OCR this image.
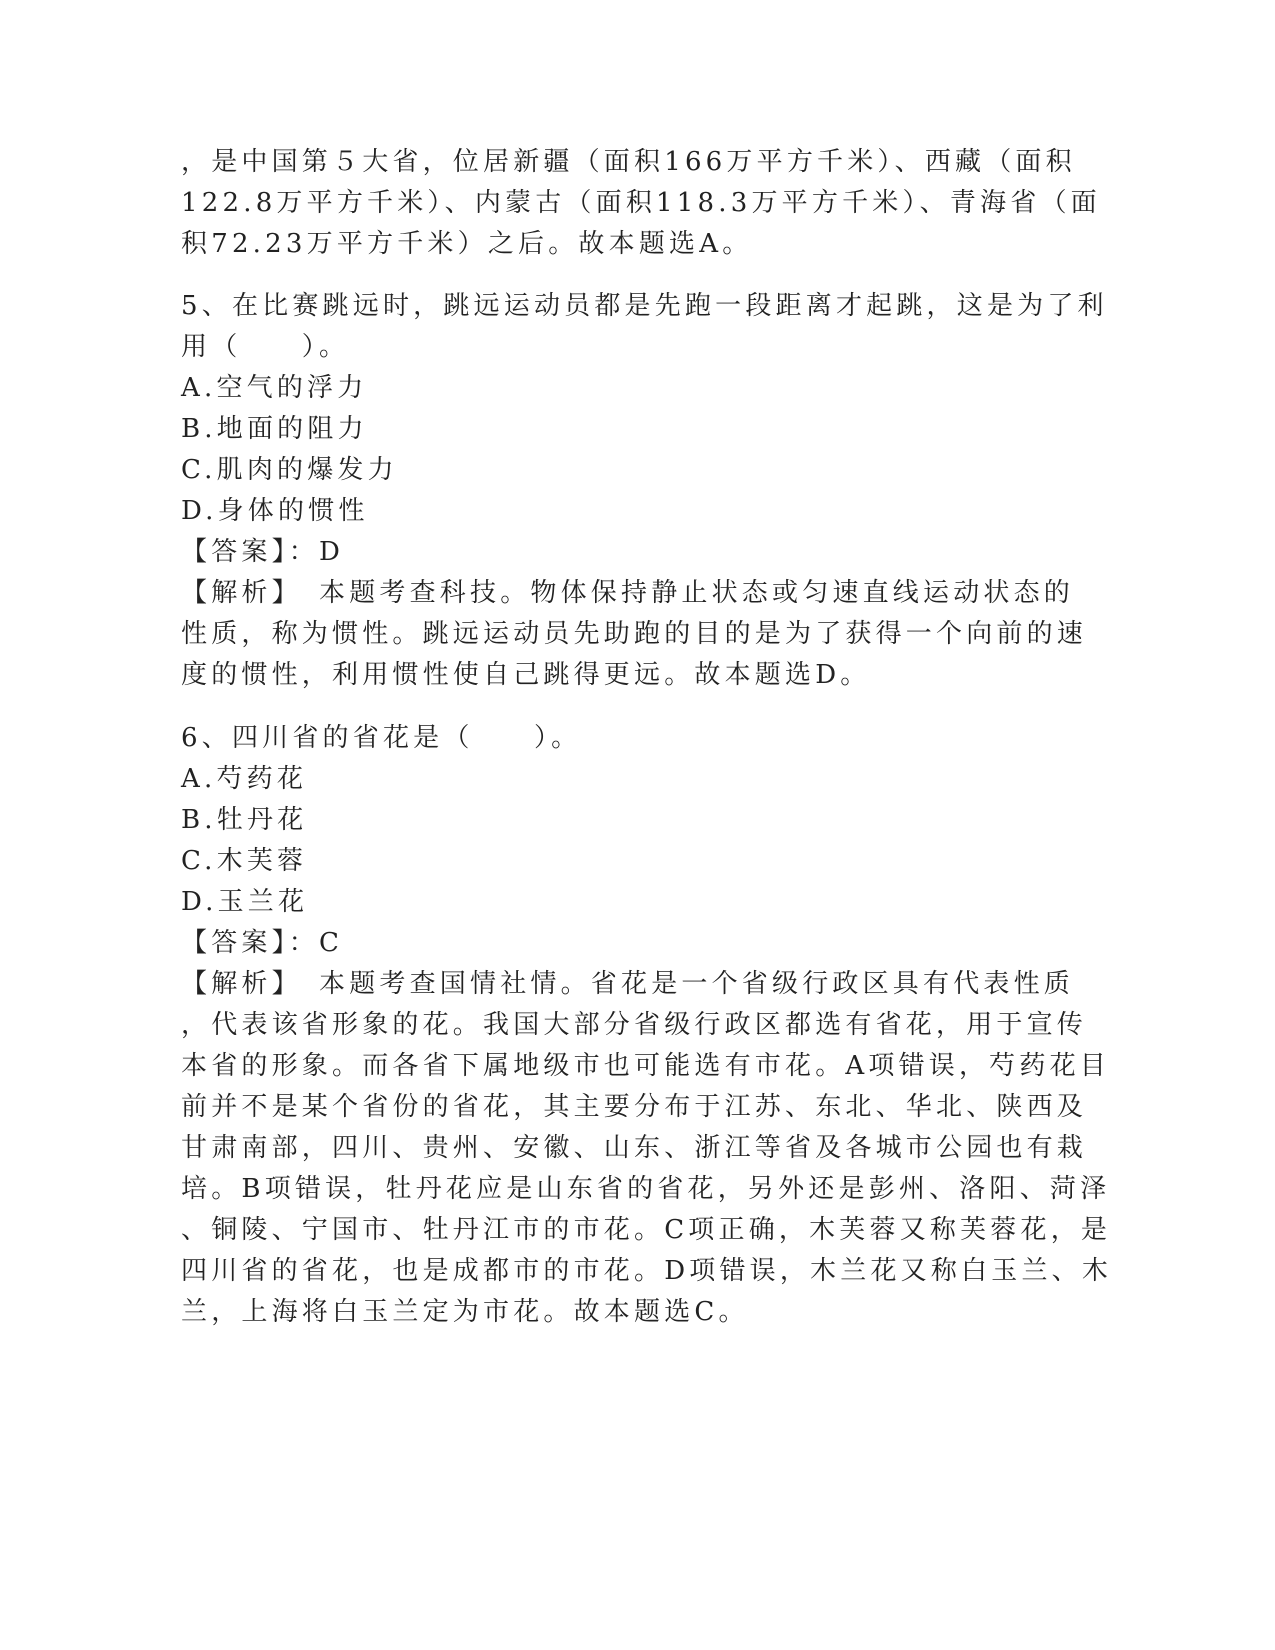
，是中国第５大省，位居新疆（面积166万平方千米）、西藏（面积
122.8万平方千米）、内蒙古（面积118.3万平方千米）、青海省（面
积72.23万平方千米）之后。故本题选A。
5、在比赛跳远时，跳远运动员都是先跑一段距离才起跳，这是为了利
用（　　）。
A.空气的浮力
B.地面的阻力
C.肌肉的爆发力
D.身体的惯性
【答案】：D
【解析】　本题考查科技。物体保持静止状态或匀速直线运动状态的
性质，称为惯性。跳远运动员先助跑的目的是为了获得一个向前的速
度的惯性，利用惯性使自己跳得更远。故本题选D。
6、四川省的省花是（　　）。
A.芍药花
B.牡丹花
C.木芙蓉
D.玉兰花
【答案】：C
【解析】　本题考查国情社情。省花是一个省级行政区具有代表性质
，代表该省形象的花。我国大部分省级行政区都选有省花，用于宣传
本省的形象。而各省下属地级市也可能选有市花。A项错误，芍药花目
前并不是某个省份的省花，其主要分布于江苏、东北、华北、陕西及
甘肃南部，四川、贵州、安徽、山东、浙江等省及各城市公园也有栽
培。B项错误，牡丹花应是山东省的省花，另外还是彭州、洛阳、菏泽
、铜陵、宁国市、牡丹江市的市花。C项正确，木芙蓉又称芙蓉花，是
四川省的省花，也是成都市的市花。D项错误，木兰花又称白玉兰、木
兰，上海将白玉兰定为市花。故本题选C。
